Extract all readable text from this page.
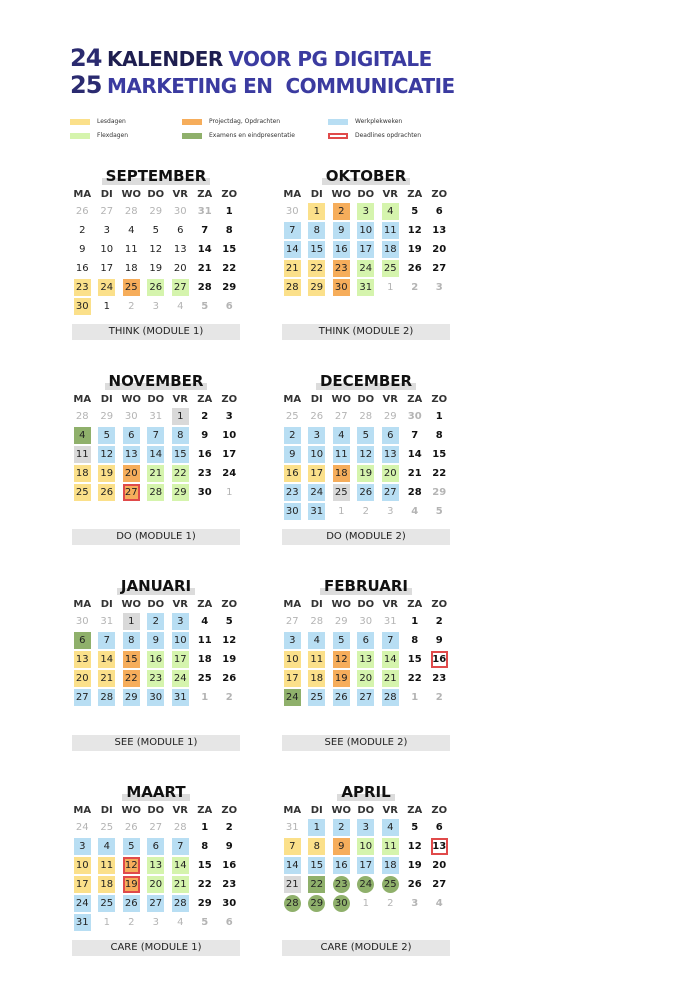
24 KALENDER VOOR PG DIGITALE
25 MARKETING EN  COMMUNICATIE
Lesdagen	Projectdag, Opdrachten	Werkplekweken
Flexdagen	Examens en eindpresentatie	Deadlines opdrachten
SEPTEMBER
MA DI WO DO VR ZA ZO
26 27 28 29 30 31	1
2	3	4	5	6	7	8
9	10 11 12 13 14 15
16 17 18 19 20 21 22
23 24 25 26 27 28 29
30	1	2	3	4	5	6
THINK (MODULE 1)
OKTOBER
MA DI WO DO VR ZA ZO
30	1	2	3	4	5	6
7	8	9	10 11 12 13
14 15 16 17 18 19 20
21 22 23 24 25 26 27
28 29 30 31	1	2	3
THINK (MODULE 2)
NOVEMBER
MA DI WO DO VR ZA ZO
28 29 30 31	1	2	3
4	5	6	7	8	9	10
11 12 13 14 15 16 17
18 19 20 21 22 23 24
25 26 27 28 29 30	1
DO (MODULE 1)
DECEMBER
MA DI WO DO VR ZA ZO
25 26 27 28 29 30	1
2	3	4	5	6	7	8
9	10 11 12 13 14 15
16 17 18 19 20 21 22
23 24 25 26 27 28 29
30 31	1	2	3	4	5
DO (MODULE 2)
JANUARI
MA DI WO DO VR ZA ZO
30 31	1	2	3	4	5
6	7	8	9	10 11 12
13 14 15 16 17 18 19
20 21 22 23 24 25 26
27 28 29 30 31	1	2
SEE (MODULE 1)
FEBRUARI
MA DI WO DO VR ZA ZO
27 28 29 30 31	1	2
3	4	5	6	7	8	9
10 11 12 13 14 15 16
17 18 19 20 21 22 23
24 25 26 27 28	1	2
SEE (MODULE 2)
MAART
MA DI WO DO VR ZA ZO
24 25 26 27 28	1	2
3	4	5	6	7	8	9
10 11 12 13 14 15 16
17 18 19 20 21 22 23
24 25 26 27 28 29 30
31	1	2	3	4	5	6
CARE (MODULE 1)
APRIL
MA DI WO DO VR ZA ZO
31	1	2	3	4	5	6
7	8	9	10 11 12 13
14 15 16 17 18 19 20
21 22 23 24 25 26 27
28 29 30	1	2	3	4
CARE (MODULE 2)
